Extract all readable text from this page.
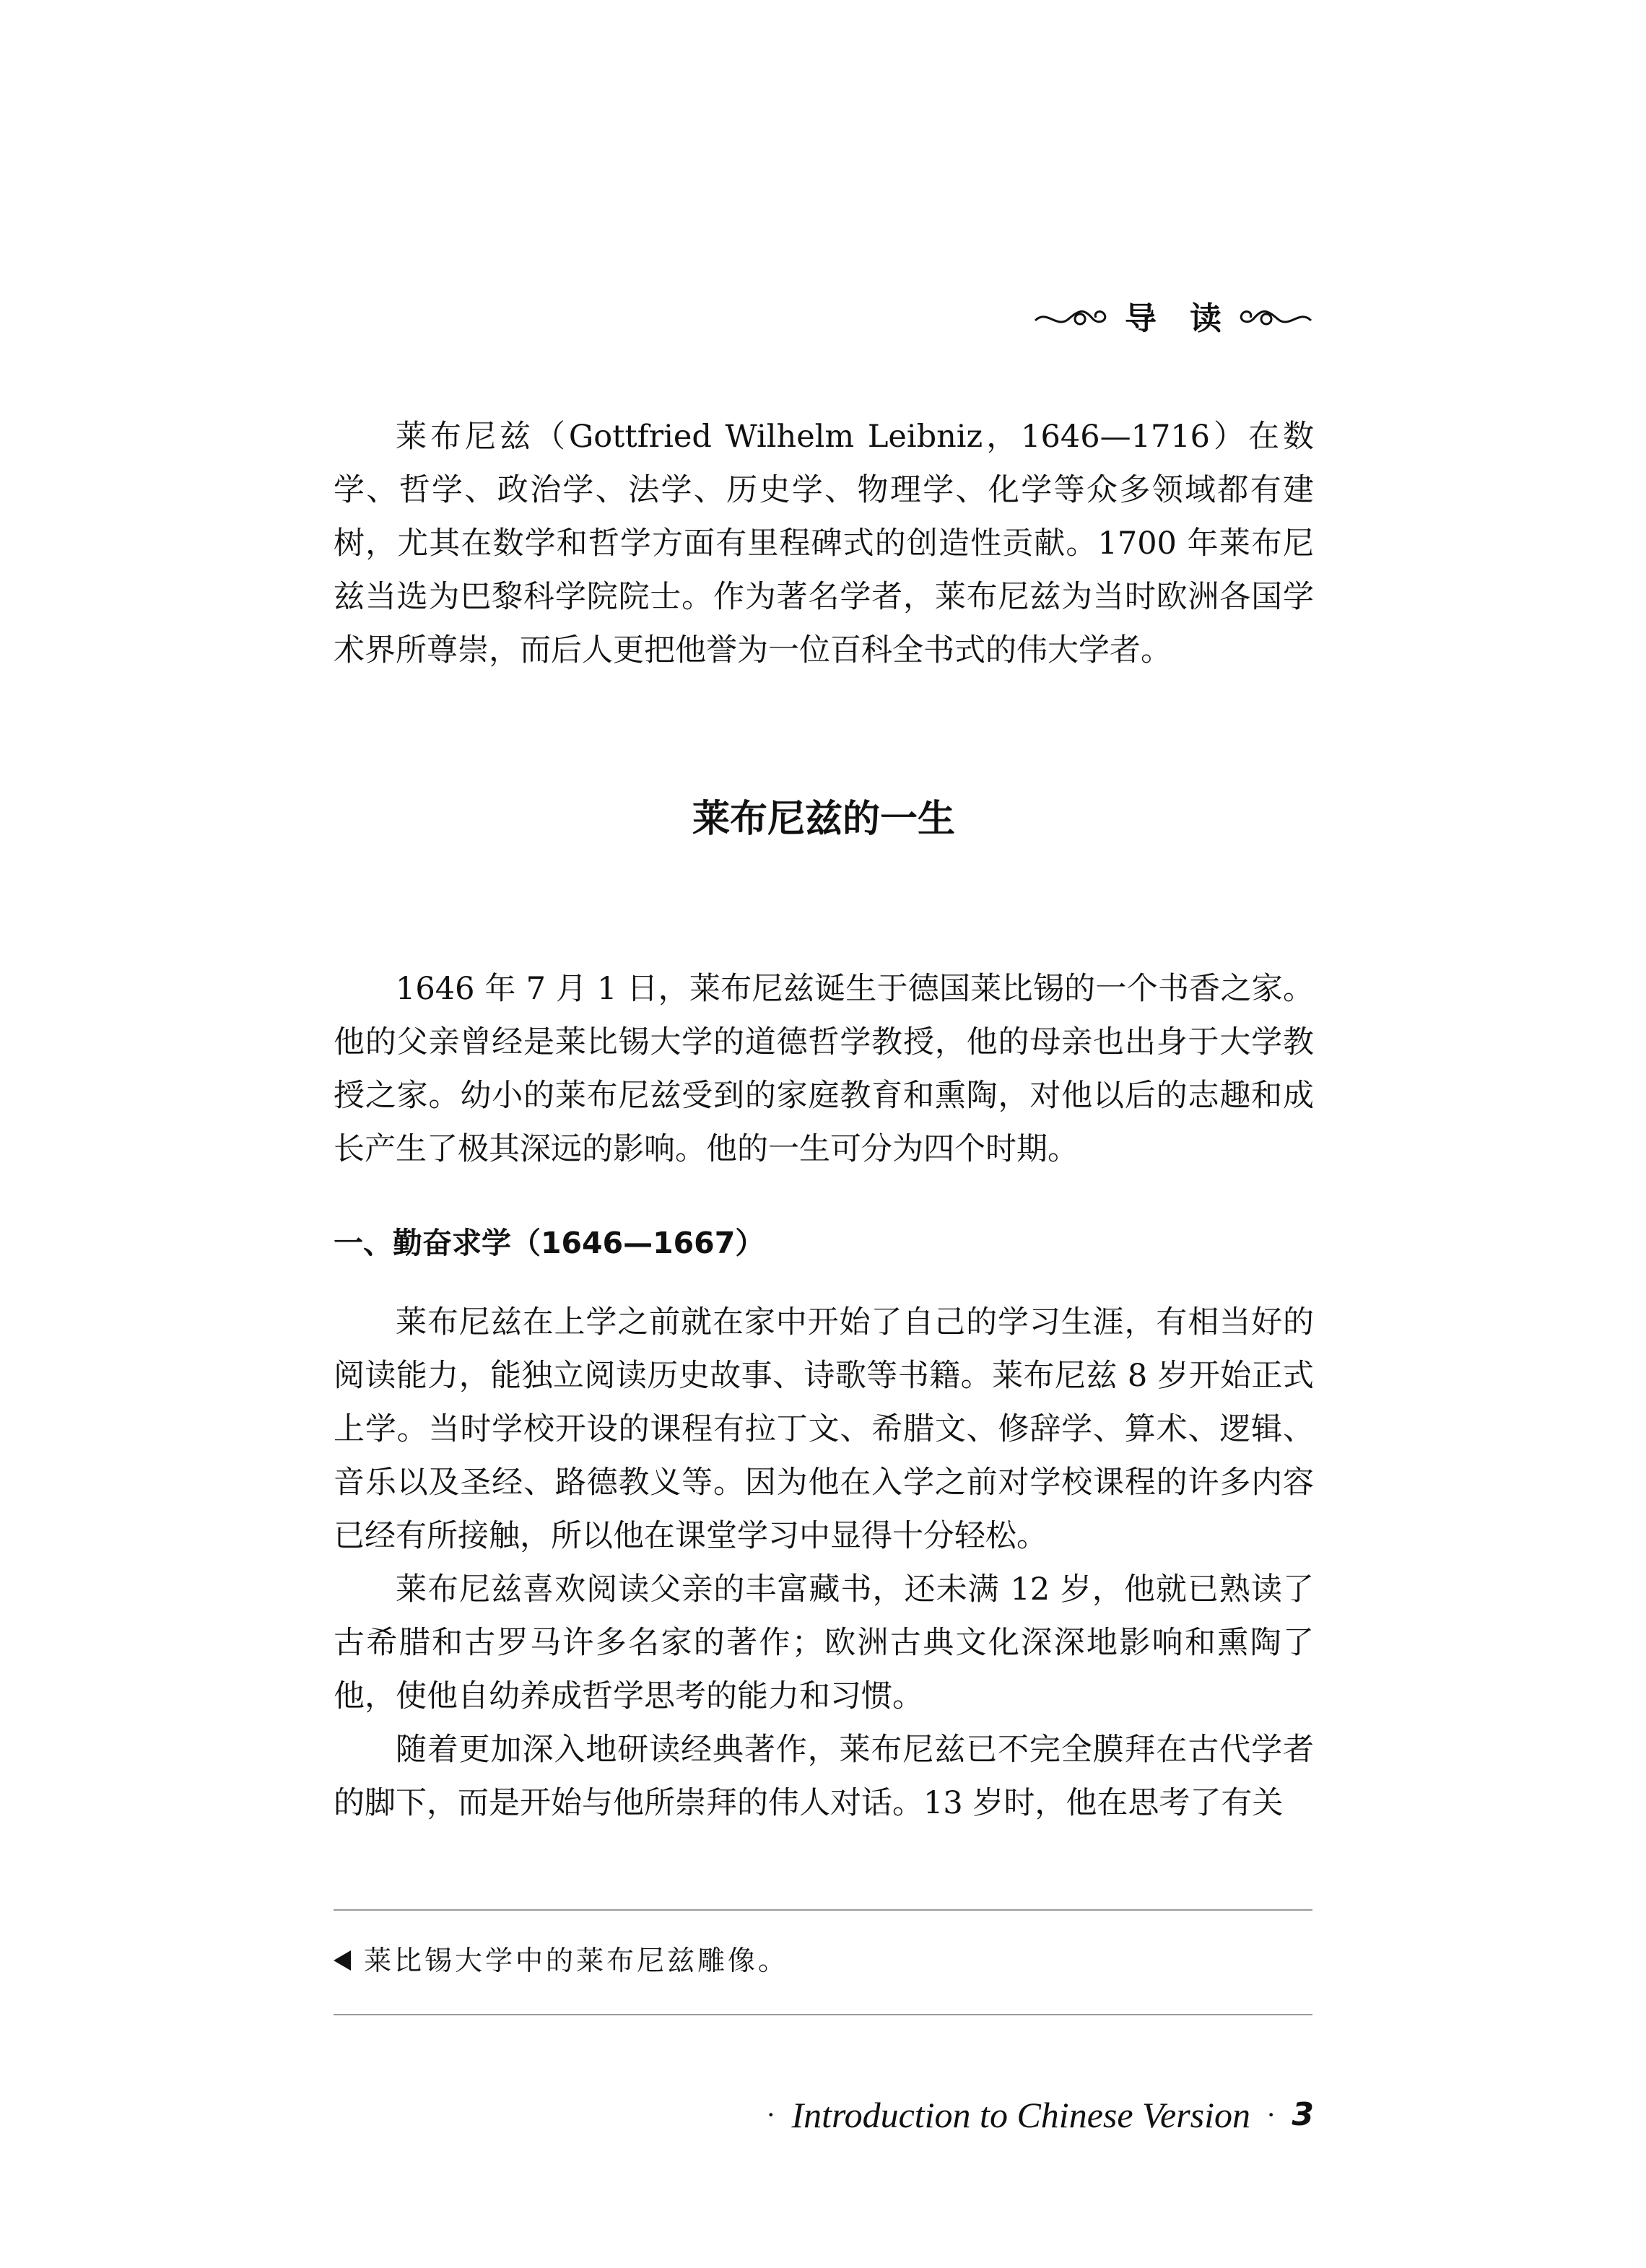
导读

莱布尼兹（Gottfried Wilhelm Leibniz，1646—1716）在数学、哲学、政治学、法学、历史学、物理学、化学等众多领域都有建树，尤其在数学和哲学方面有里程碑式的创造性贡献。1700 年莱布尼兹当选为巴黎科学院院士。作为著名学者，莱布尼兹为当时欧洲各国学术界所尊崇，而后人更把他誉为一位百科全书式的伟大学者。

莱布尼兹的一生

1646 年 7 月 1 日，莱布尼兹诞生于德国莱比锡的一个书香之家。他的父亲曾经是莱比锡大学的道德哲学教授，他的母亲也出身于大学教授之家。幼小的莱布尼兹受到的家庭教育和熏陶，对他以后的志趣和成长产生了极其深远的影响。他的一生可分为四个时期。

一、勤奋求学（1646—1667）

莱布尼兹在上学之前就在家中开始了自己的学习生涯，有相当好的阅读能力，能独立阅读历史故事、诗歌等书籍。莱布尼兹 8 岁开始正式上学。当时学校开设的课程有拉丁文、希腊文、修辞学、算术、逻辑、音乐以及圣经、路德教义等。因为他在入学之前对学校课程的许多内容已经有所接触，所以他在课堂学习中显得十分轻松。

莱布尼兹喜欢阅读父亲的丰富藏书，还未满 12 岁，他就已熟读了古希腊和古罗马许多名家的著作；欧洲古典文化深深地影响和熏陶了他，使他自幼养成哲学思考的能力和习惯。

随着更加深入地研读经典著作，莱布尼兹已不完全膜拜在古代学者的脚下，而是开始与他所崇拜的伟人对话。13 岁时，他在思考了有关

莱比锡大学中的莱布尼兹雕像。
· Introduction to Chinese Version · 3
